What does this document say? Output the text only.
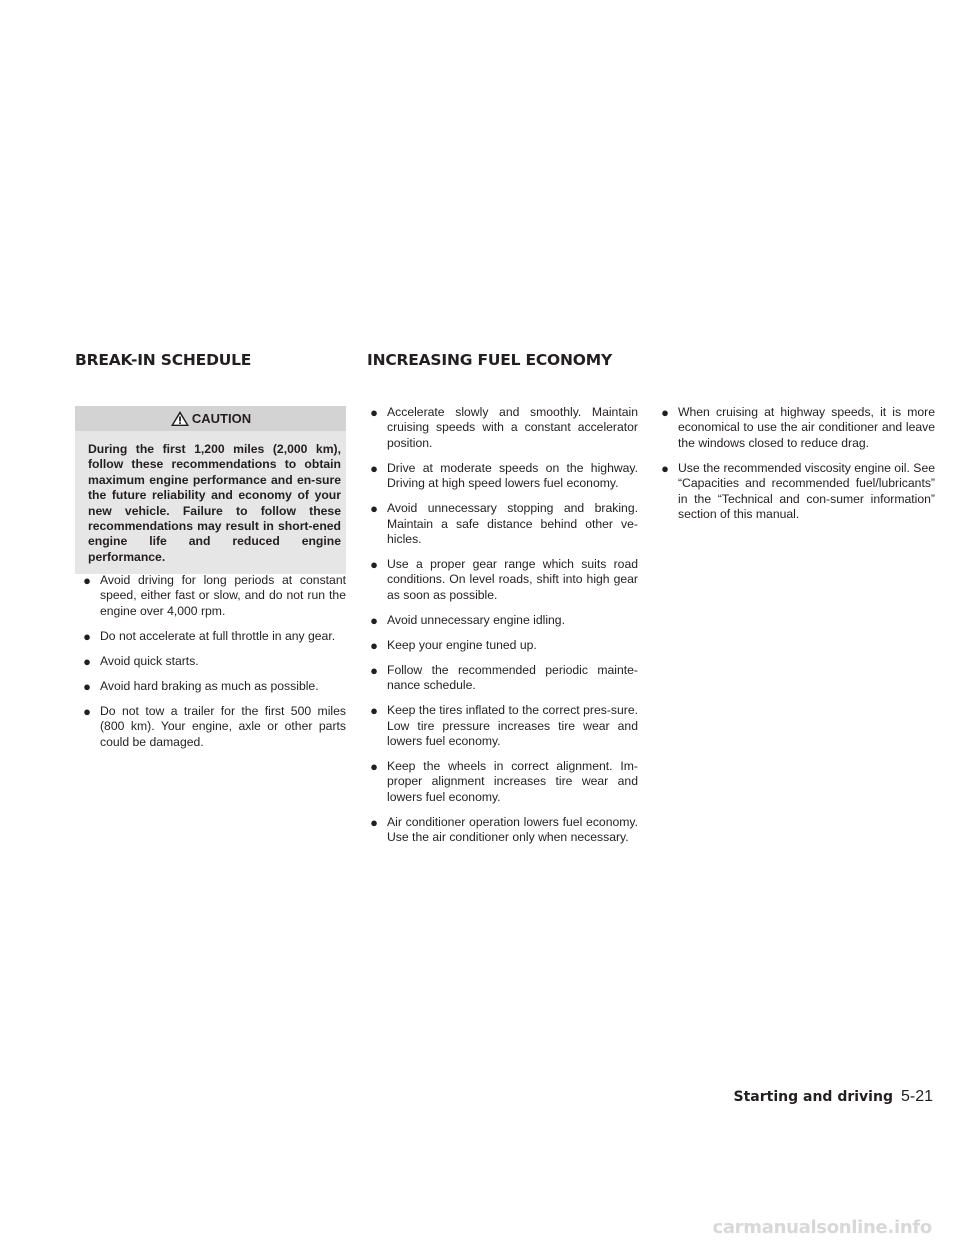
BREAK-IN SCHEDULE	INCREASING FUEL ECONOMY
CAUTION
During the first 1,200 miles (2,000 km), follow these recommendations to obtain maximum engine performance and en-sure the future reliability and economy of your new vehicle. Failure to follow these recommendations may result in short-ened engine life and reduced engine performance.
● Avoid driving for long periods at constant speed, either fast or slow, and do not run the engine over 4,000 rpm.
● Do not accelerate at full throttle in any gear.
● Avoid quick starts.
● Avoid hard braking as much as possible.
● Do not tow a trailer for the first 500 miles (800 km). Your engine, axle or other parts could be damaged.
● Accelerate slowly and smoothly. Maintain cruising speeds with a constant accelerator position.
● Drive at moderate speeds on the highway. Driving at high speed lowers fuel economy.
● Avoid unnecessary stopping and braking. Maintain a safe distance behind other ve-hicles.
● Use a proper gear range which suits road conditions. On level roads, shift into high gear as soon as possible.
● Avoid unnecessary engine idling.
● Keep your engine tuned up.
● Follow the recommended periodic mainte-nance schedule.
● Keep the tires inflated to the correct pres-sure. Low tire pressure increases tire wear and lowers fuel economy.
● Keep the wheels in correct alignment. Im-proper alignment increases tire wear and lowers fuel economy.
● Air conditioner operation lowers fuel economy. Use the air conditioner only when necessary.
● When cruising at highway speeds, it is more economical to use the air conditioner and leave the windows closed to reduce drag.
● Use the recommended viscosity engine oil. See “Capacities and recommended fuel/lubricants” in the “Technical and con-sumer information” section of this manual.
Starting and driving 5-21
carmanualsonline.info
